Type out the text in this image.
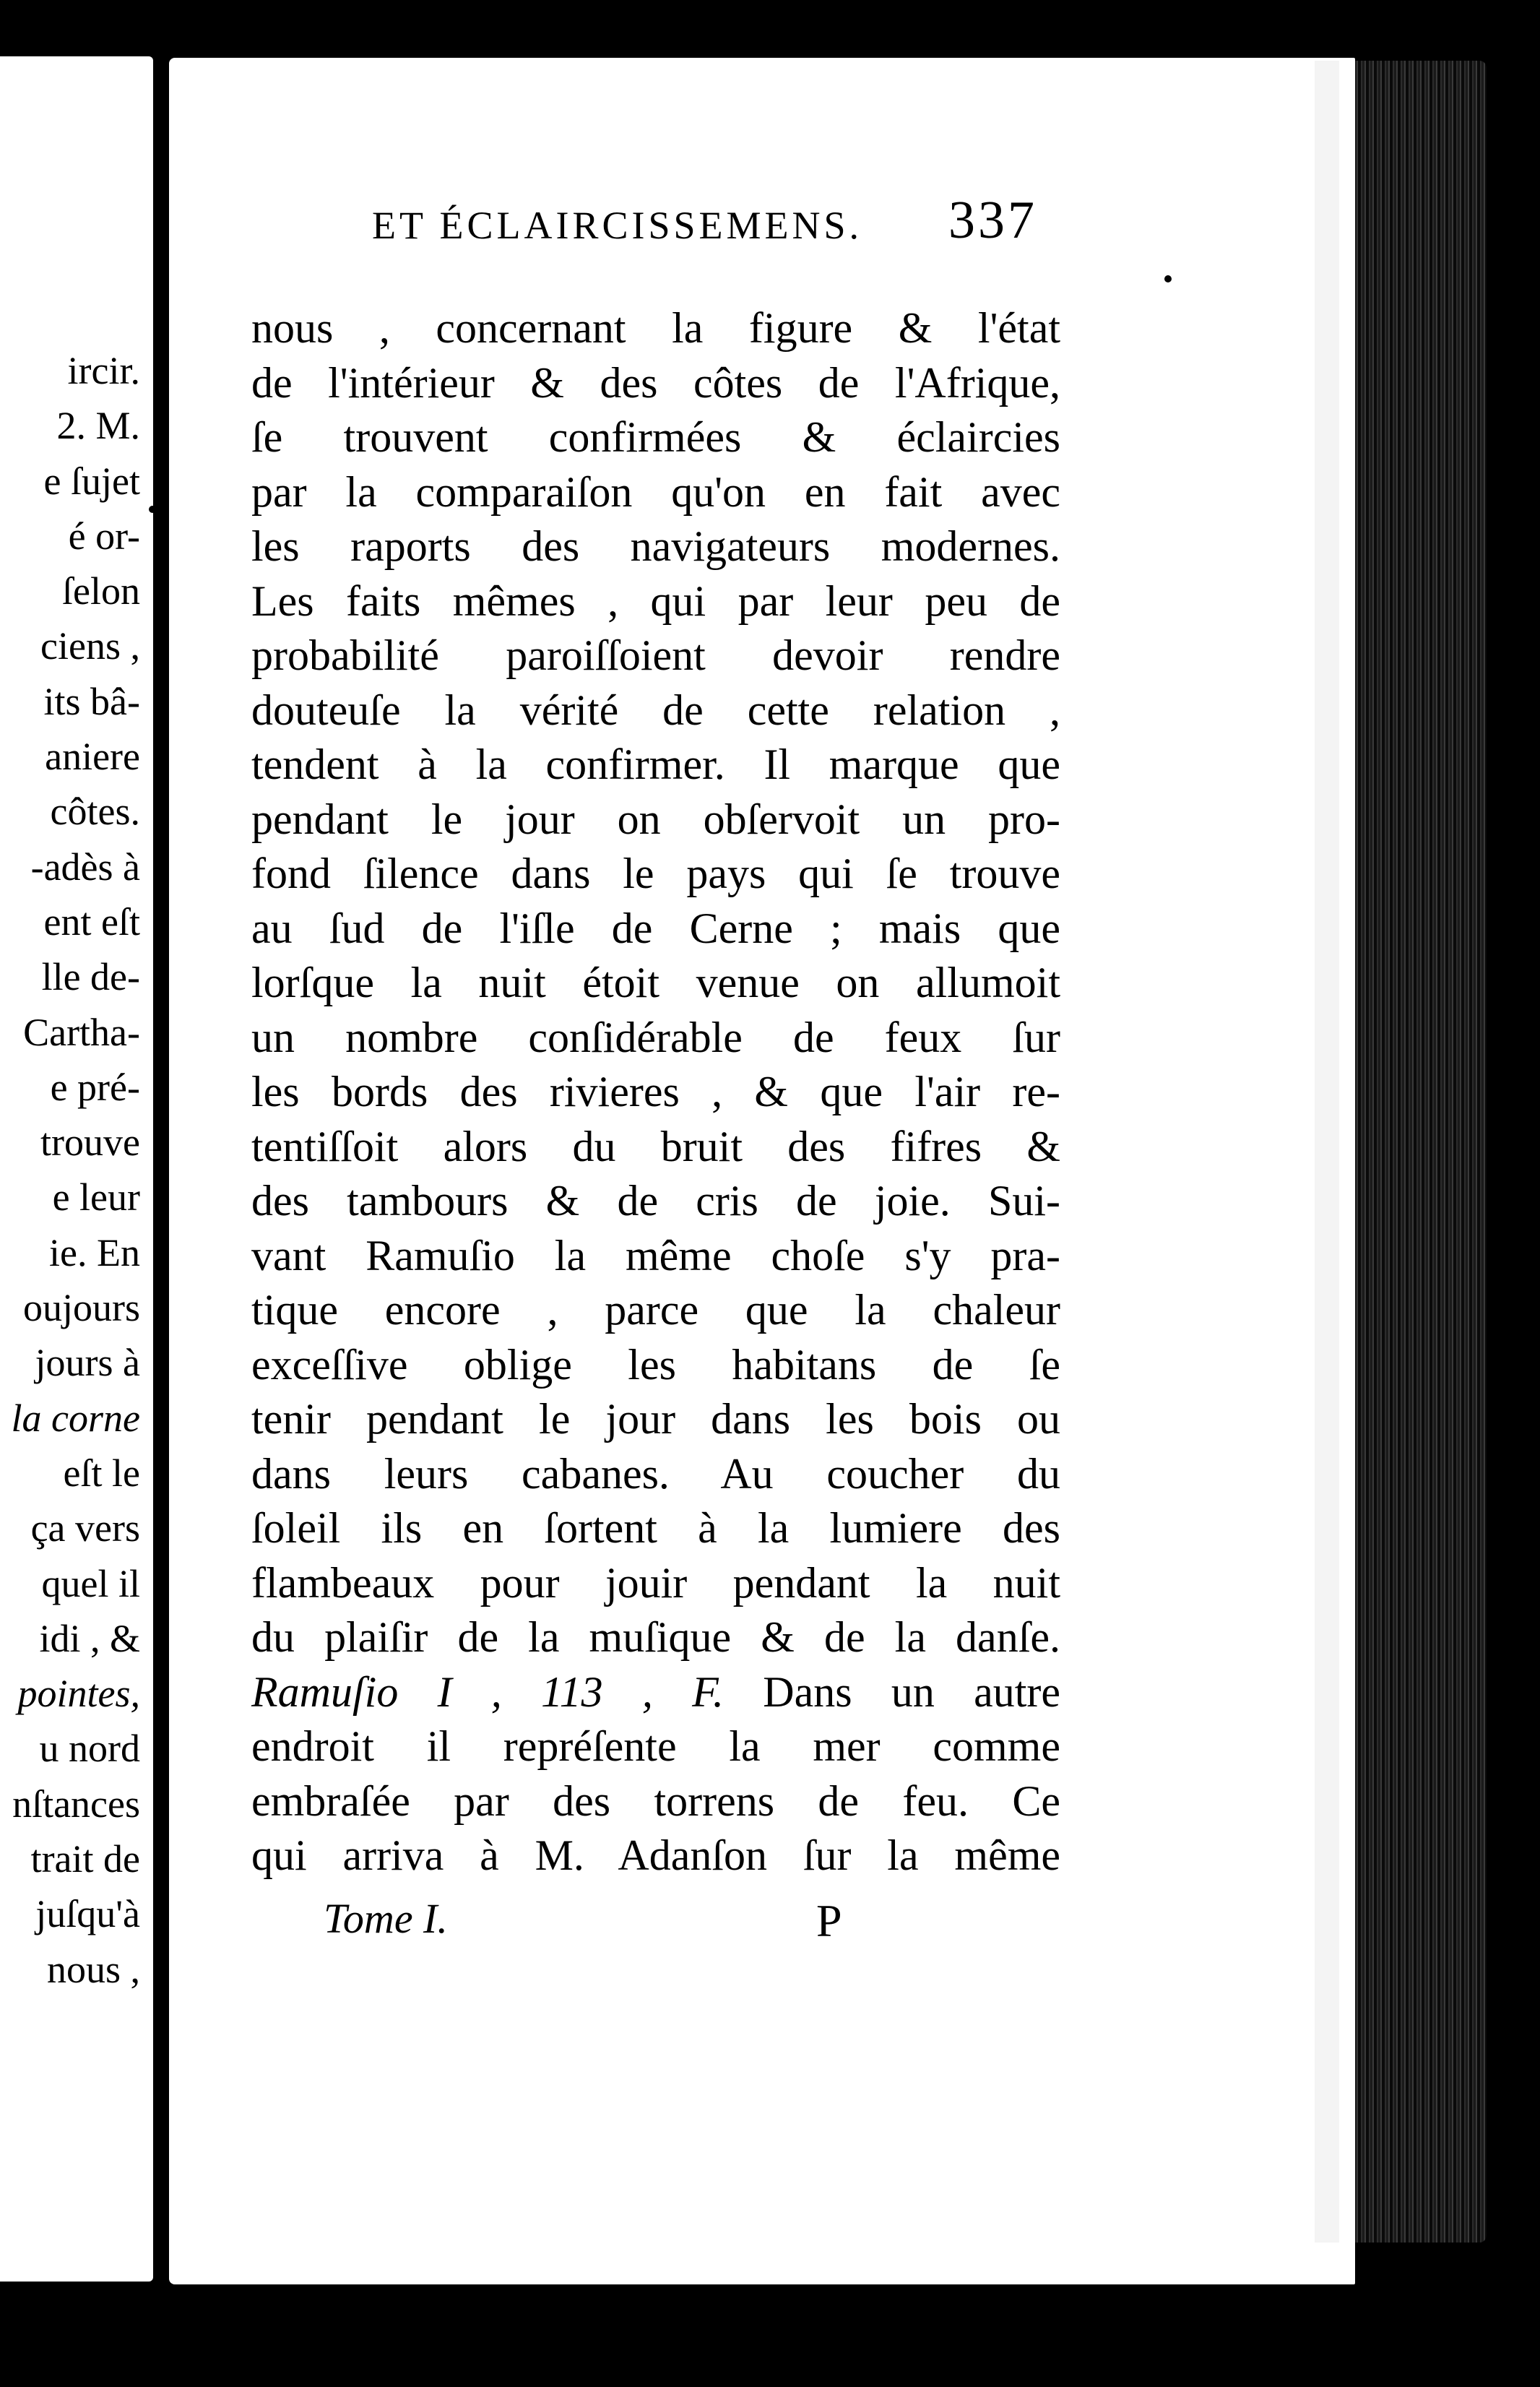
ircir.
2. M.
e ſujet
é or-
ſelon
ciens ,
its bâ-
aniere
côtes.
-adès à
ent eſt
lle de-
Cartha-
e pré-
trouve
e leur
ie. En
oujours
jours à
la corne
eſt le
ça vers
quel il
idi , &
pointes,
u nord
nſtances
trait de
juſqu'à
nous ,
ET ÉCLAIRCISSEMENS. 337
nous , concernant la figure & l'état
de l'intérieur & des côtes de l'Afrique,
ſe trouvent confirmées & éclaircies
par la comparaiſon qu'on en fait avec
les raports des navigateurs modernes.
Les faits mêmes , qui par leur peu de
probabilité paroiſſoient devoir rendre
douteuſe la vérité de cette relation ,
tendent à la confirmer. Il marque que
pendant le jour on obſervoit un pro-
fond ſilence dans le pays qui ſe trouve
au ſud de l'iſle de Cerne ; mais que
lorſque la nuit étoit venue on allumoit
un nombre conſidérable de feux ſur
les bords des rivieres , & que l'air re-
tentiſſoit alors du bruit des fifres &
des tambours & de cris de joie. Sui-
vant Ramuſio la même choſe s'y pra-
tique encore , parce que la chaleur
exceſſive oblige les habitans de ſe
tenir pendant le jour dans les bois ou
dans leurs cabanes. Au coucher du
ſoleil ils en ſortent à la lumiere des
flambeaux pour jouir pendant la nuit
du plaiſir de la muſique & de la danſe.
Ramuſio I , 113 , F. Dans un autre
endroit il repréſente la mer comme
embraſée par des torrens de feu. Ce
qui arriva à M. Adanſon ſur la même
Tome I.	P
